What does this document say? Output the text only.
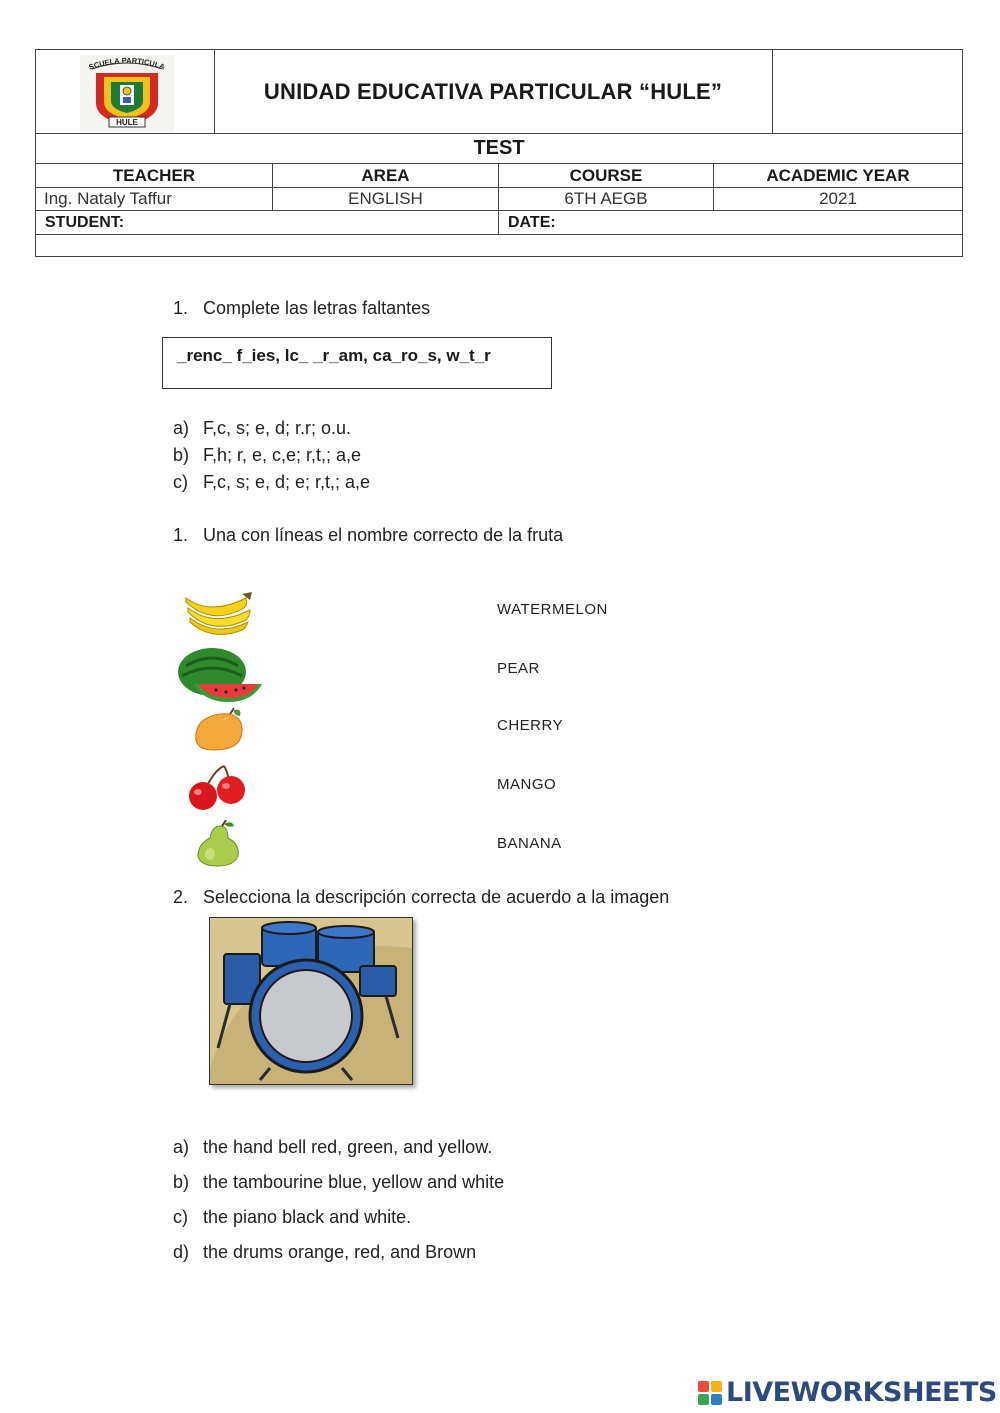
SCUELA PARTICULA
HULE
UNIDAD EDUCATIVA PARTICULAR “HULE”
TEST
TEACHER	AREA	COURSE	ACADEMIC YEAR
Ing. Nataly Taffur	ENGLISH	6TH AEGB	2021
STUDENT:	DATE:
1. Complete las letras faltantes
_renc_ f_ies, lc_ _r_am, ca_ro_s, w_t_r
a) F,c, s; e, d; r.r; o.u.
b) F,h; r, e, c,e; r,t,; a,e
c) F,c, s; e, d; e; r,t,; a,e
1. Una con líneas el nombre correcto de la fruta
WATERMELON
PEAR
CHERRY
MANGO
BANANA
2. Selecciona la descripción correcta de acuerdo a la imagen
a) the hand bell red, green, and yellow.
b) the tambourine blue, yellow and white
c) the piano black and white.
d) the drums orange, red, and Brown
LIVEWORKSHEETS
